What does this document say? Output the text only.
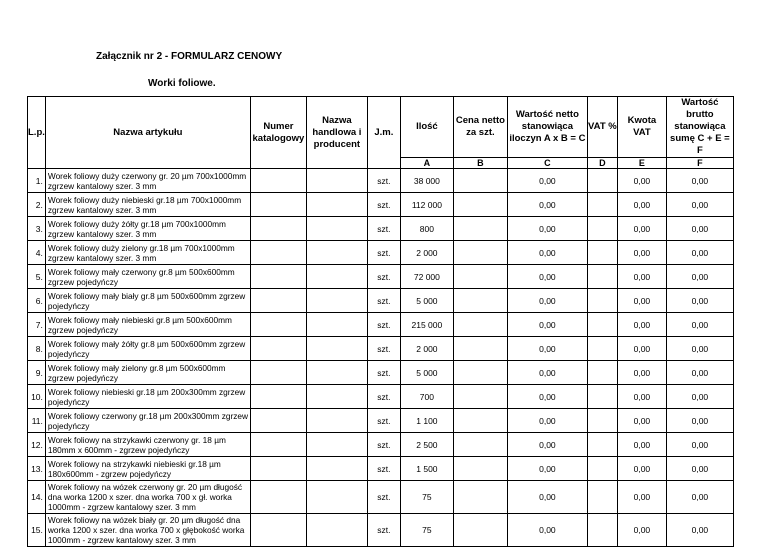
Załącznik nr 2 - FORMULARZ CENOWY
Worki foliowe.
L.p.	Nazwa artykułu	Numer katalogowy	Nazwa handlowa i producent	J.m.	Ilość	Cena netto za szt.	Wartość netto stanowiąca iloczyn A x B = C	VAT %	Kwota VAT	Wartość brutto stanowiąca sumę C + E = F
					A	B	C	D	E	F
1.	Worek foliowy duży czerwony gr. 20 µm 700x1000mm zgrzew kantalowy szer. 3 mm			szt.	38 000		0,00		0,00	0,00
2.	Worek foliowy duży niebieski gr.18 µm 700x1000mm zgrzew kantalowy szer. 3 mm			szt.	112 000		0,00		0,00	0,00
3.	Worek foliowy duży żółty gr.18 µm 700x1000mm zgrzew kantalowy szer. 3 mm			szt.	800		0,00		0,00	0,00
4.	Worek foliowy duży zielony gr.18 µm 700x1000mm zgrzew kantalowy szer. 3 mm			szt.	2 000		0,00		0,00	0,00
5.	Worek foliowy mały czerwony gr.8 µm 500x600mm zgrzew pojedyńczy			szt.	72 000		0,00		0,00	0,00
6.	Worek foliowy mały biały gr.8 µm 500x600mm zgrzew pojedyńczy			szt.	5 000		0,00		0,00	0,00
7.	Worek foliowy mały niebieski gr.8 µm 500x600mm zgrzew pojedyńczy			szt.	215 000		0,00		0,00	0,00
8.	Worek foliowy mały żółty gr.8 µm 500x600mm zgrzew pojedyńczy			szt.	2 000		0,00		0,00	0,00
9.	Worek foliowy mały zielony gr.8 µm 500x600mm zgrzew pojedyńczy			szt.	5 000		0,00		0,00	0,00
10.	Worek foliowy niebieski gr.18 µm 200x300mm zgrzew pojedyńczy			szt.	700		0,00		0,00	0,00
11.	Worek foliowy czerwony gr.18 µm 200x300mm zgrzew pojedyńczy			szt.	1 100		0,00		0,00	0,00
12.	Worek foliowy na strzykawki czerwony gr. 18 µm 180mm x 600mm - zgrzew pojedyńczy			szt.	2 500		0,00		0,00	0,00
13.	Worek foliowy na strzykawki niebieski gr.18 µm 180x600mm - zgrzew pojedyńczy			szt.	1 500		0,00		0,00	0,00
14.	Worek foliowy na wózek czerwony gr. 20 µm długość dna worka 1200 x szer. dna worka 700 x gł. worka 1000mm - zgrzew kantalowy szer. 3 mm			szt.	75		0,00		0,00	0,00
15.	Worek foliowy na wózek biały gr. 20 µm długość dna worka 1200 x szer. dna worka 700 x głębokość worka 1000mm - zgrzew kantalowy szer. 3 mm			szt.	75		0,00		0,00	0,00
